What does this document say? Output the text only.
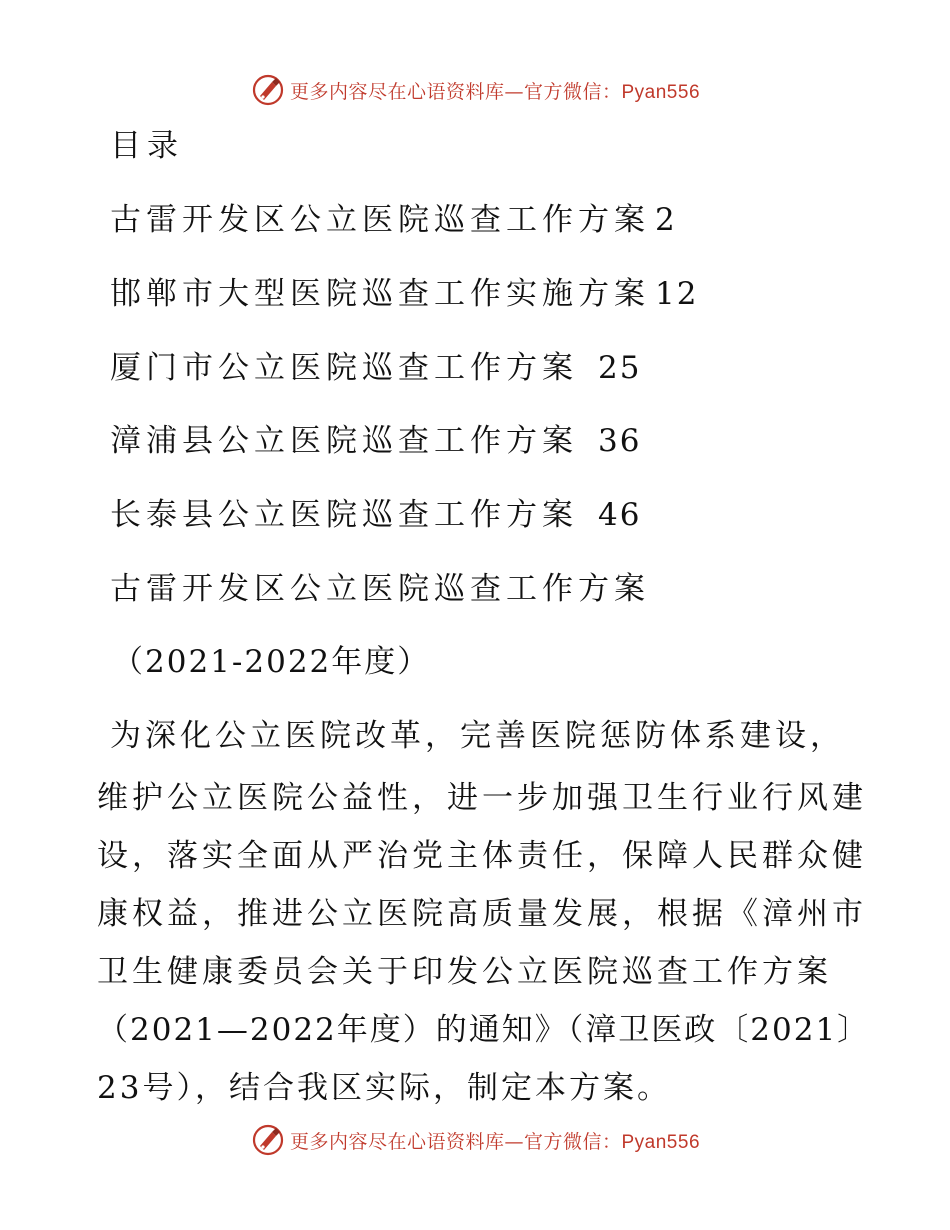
更多内容尽在心语资料库—官方微信：Pyan556
目录
古雷开发区公立医院巡查工作方案 2
邯郸市大型医院巡查工作实施方案 12
厦门市公立医院巡查工作方案 25
漳浦县公立医院巡查工作方案 36
长泰县公立医院巡查工作方案 46
古雷开发区公立医院巡查工作方案
（2021-2022年度）
为深化公立医院改革，完善医院惩防体系建设，
维护公立医院公益性，进一步加强卫生行业行风建
设，落实全面从严治党主体责任，保障人民群众健
康权益，推进公立医院高质量发展，根据《漳州市
卫生健康委员会关于印发公立医院巡查工作方案
（2021—2022年度）的通知》（漳卫医政〔2021〕
23号），结合我区实际，制定本方案。
更多内容尽在心语资料库—官方微信：Pyan556
